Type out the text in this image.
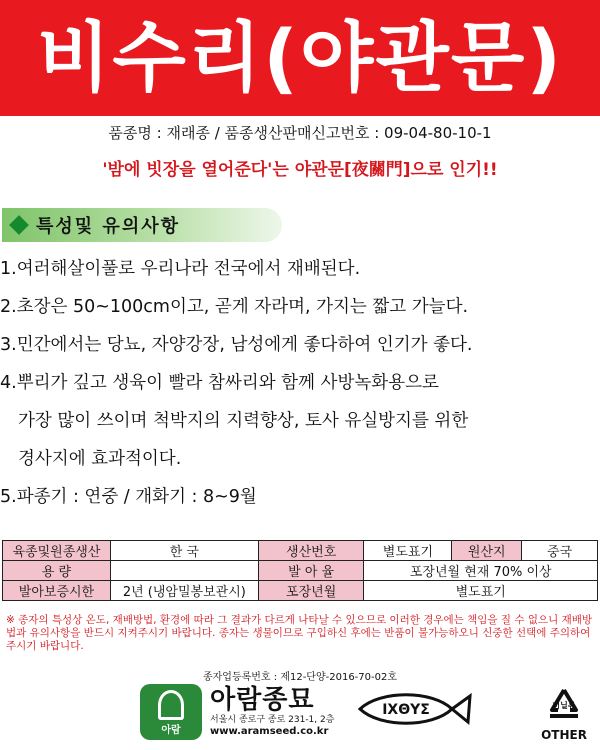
비수리(야관문)
품종명 : 재래종 / 품종생산판매신고번호 : 09-04-80-10-1
'밤에 빗장을 열어준다'는 야관문[夜關門]으로 인기!!
특성및 유의사항
1.여러해살이풀로 우리나라 전국에서 재배된다.
2.초장은 50~100cm이고, 곧게 자라며, 가지는 짧고 가늘다.
3.민간에서는 당뇨, 자양강장, 남성에게 좋다하여 인기가 좋다.
4.뿌리가 깊고 생육이 빨라 참싸리와 함께 사방녹화용으로
가장 많이 쓰이며 척박지의 지력향상, 토사 유실방지를 위한
경사지에 효과적이다.
5.파종기 : 연중 / 개화기 : 8~9월
육종및원종생산	한 국	생산번호	별도표기	원산지	중국
용 량		발 아 율	포장년월 현재 70% 이상		
발아보증시한	2년 (냉암밀봉보관시)	포장년월	별도표기		
※ 종자의 특성상 온도, 재배방법, 환경에 따라 그 결과가 다르게 나타날 수 있으므로 이러한 경우에는 책임을 질 수 없으니 재배방법과 유의사항을 반드시 지켜주시기 바랍니다. 종자는 생물이므로 구입하신 후에는 반품이 불가능하오니 신중한 선택에 주의하여 주시기 바랍니다.
종자업등록번호 : 제12-단양-2016-70-02호
아람
아람종묘
서울시 종로구 종로 231-1, 2층
www.aramseed.co.kr
ΙΧΘΥΣ	비닐류
OTHER
